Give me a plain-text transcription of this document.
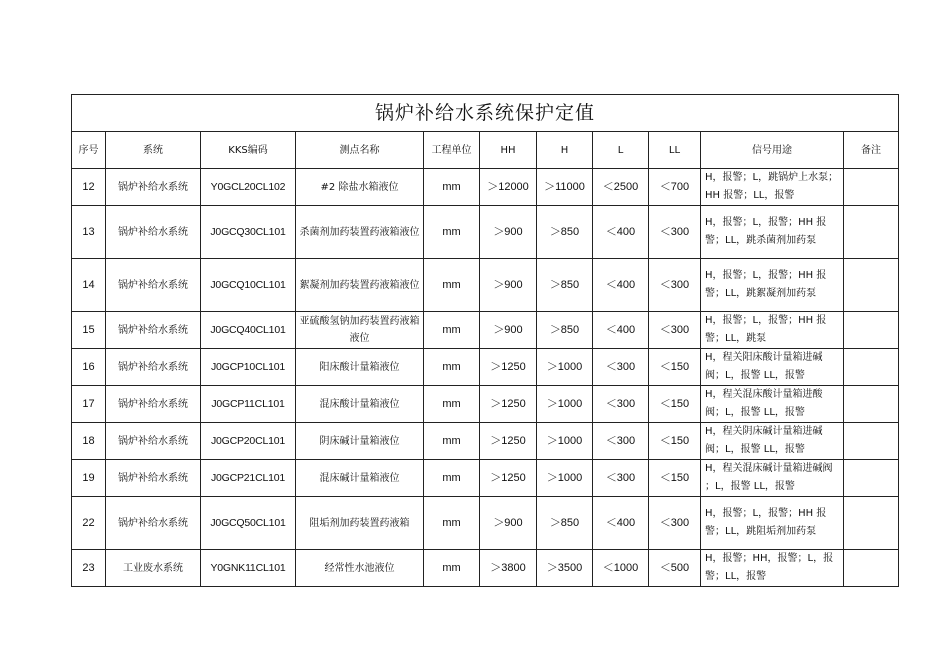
锅炉补给水系统保护定值										
序号	系统	KKS编码	测点名称	工程单位	HH	H	L	LL	信号用途	备注
12	锅炉补给水系统	Y0GCL20CL102	#2 除盐水箱液位	mm	＞12000	＞11000	＜2500	＜700	H，报警；L，跳锅炉上水泵；HH 报警；LL，报警	
13	锅炉补给水系统	J0GCQ30CL101	杀菌剂加药装置药液箱液位	mm	＞900	＞850	＜400	＜300	H，报警；L，报警；HH 报警；LL，跳杀菌剂加药泵	
14	锅炉补给水系统	J0GCQ10CL101	絮凝剂加药装置药液箱液位	mm	＞900	＞850	＜400	＜300	H，报警；L，报警；HH 报警；LL，跳絮凝剂加药泵	
15	锅炉补给水系统	J0GCQ40CL101	亚硫酸氢钠加药装置药液箱液位	mm	＞900	＞850	＜400	＜300	H，报警；L，报警；HH 报警；LL，跳泵	
16	锅炉补给水系统	J0GCP10CL101	阳床酸计量箱液位	mm	＞1250	＞1000	＜300	＜150	H，程关阳床酸计量箱进碱阀；L，报警 LL，报警	
17	锅炉补给水系统	J0GCP11CL101	混床酸计量箱液位	mm	＞1250	＞1000	＜300	＜150	H，程关混床酸计量箱进酸阀；L，报警 LL，报警	
18	锅炉补给水系统	J0GCP20CL101	阴床碱计量箱液位	mm	＞1250	＞1000	＜300	＜150	H，程关阴床碱计量箱进碱阀；L，报警 LL，报警	
19	锅炉补给水系统	J0GCP21CL101	混床碱计量箱液位	mm	＞1250	＞1000	＜300	＜150	H，程关混床碱计量箱进碱阀 ；L，报警 LL，报警	
22	锅炉补给水系统	J0GCQ50CL101	阻垢剂加药装置药液箱	mm	＞900	＞850	＜400	＜300	H，报警；L，报警；HH 报警；LL，跳阻垢剂加药泵	
23	工业废水系统	Y0GNK11CL101	经常性水池液位	mm	＞3800	＞3500	＜1000	＜500	H，报警；HH，报警；L，报警；LL，报警	
